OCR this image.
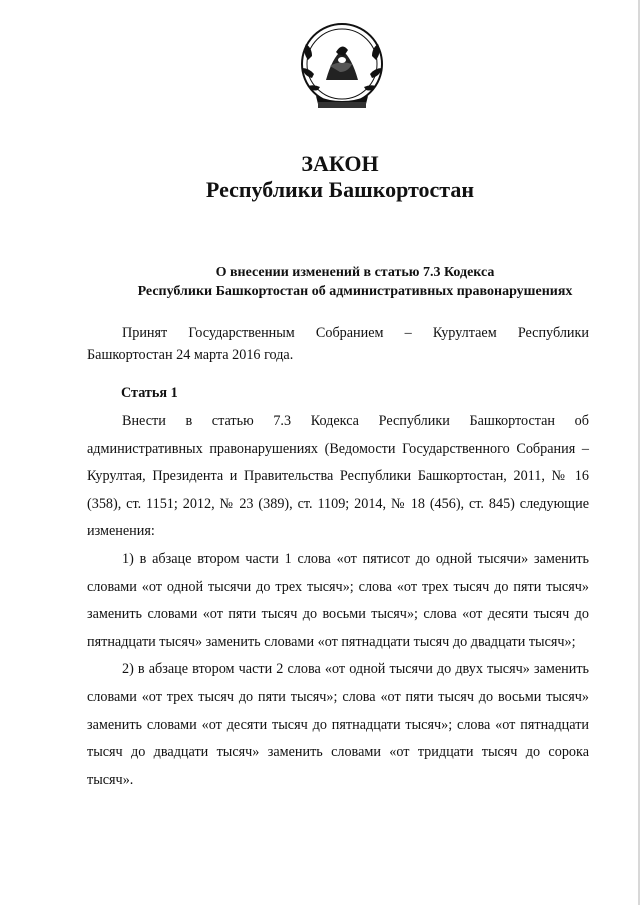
ЗАКОН
Республики Башкортостан
О внесении изменений в статью 7.3 Кодекса
Республики Башкортостан об административных правонарушениях
Принят Государственным Собранием – Курултаем Республики Башкортостан 24 марта 2016 года.
Статья 1

Внести в статью 7.3 Кодекса Республики Башкортостан об административных правонарушениях (Ведомости Государственного Собрания – Курултая, Президента и Правительства Республики Башкортостан, 2011, № 16 (358), ст. 1151; 2012, № 23 (389), ст. 1109; 2014, № 18 (456), ст. 845) следующие изменения:

1) в абзаце втором части 1 слова «от пятисот до одной тысячи» заменить словами «от одной тысячи до трех тысяч»; слова «от трех тысяч до пяти тысяч» заменить словами «от пяти тысяч до восьми тысяч»; слова «от десяти тысяч до пятнадцати тысяч» заменить словами «от пятнадцати тысяч до двадцати тысяч»;

2) в абзаце втором части 2 слова «от одной тысячи до двух тысяч» заменить словами «от трех тысяч до пяти тысяч»; слова «от пяти тысяч до восьми тысяч» заменить словами «от десяти тысяч до пятнадцати тысяч»; слова «от пятнадцати тысяч до двадцати тысяч» заменить словами «от тридцати тысяч до сорока тысяч».
